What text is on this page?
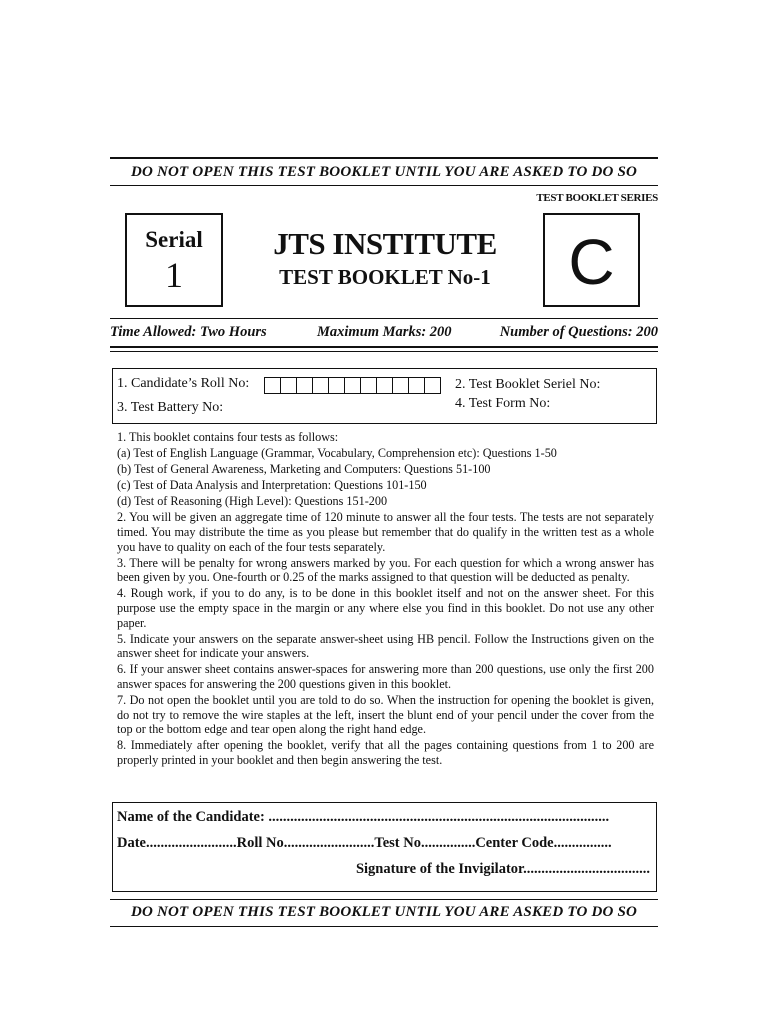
DO NOT OPEN THIS TEST BOOKLET UNTIL YOU ARE ASKED TO DO SO
TEST BOOKLET SERIES
Serial
1
JTS INSTITUTE
TEST BOOKLET No-1	C
Time Allowed: Two Hours	Maximum Marks: 200	Number of Questions: 200
1. Candidate’s Roll No:	2. Test Booklet Seriel No:
3. Test Battery No:	4. Test Form No:

1. This booklet contains four tests as follows:

(a) Test of English Language (Grammar, Vocabulary, Comprehension etc): Questions 1-50

(b) Test of General Awareness, Marketing and Computers: Questions 51-100

(c) Test of Data Analysis and Interpretation: Questions 101-150

(d) Test of Reasoning (High Level): Questions 151-200

2. You will be given an aggregate time of 120 minute to answer all the four tests. The tests are not separately timed. You may distribute the time as you please but remember that do qualify in the written test as a whole you have to quality on each of the four tests separately.

3. There will be penalty for wrong answers marked by you. For each question for which a wrong answer has been given by you. One-fourth or 0.25 of the marks assigned to that question will be deducted as penalty.

4. Rough work, if you to do any, is to be done in this booklet itself and not on the answer sheet. For this purpose use the empty space in the margin or any where else you find in this booklet. Do not use any other paper.

5. Indicate your answers on the separate answer-sheet using HB pencil. Follow the Instructions given on the answer sheet for indicate your answers.

6. If your answer sheet contains answer-spaces for answering more than 200 questions, use only the first 200 answer spaces for answering the 200 questions given in this booklet.

7. Do not open the booklet until you are told to do so. When the instruction for opening the booklet is given, do not try to remove the wire staples at the left, insert the blunt end of your pencil under the cover from the top or the bottom edge and tear open along the right hand edge.

8. Immediately after opening the booklet, verify that all the pages containing questions from 1 to 200 are properly printed in your booklet and then begin answering the test.

Name of the Candidate: ..............................................................................................
Date.........................Roll No.........................Test No...............Center Code................
Signature of the Invigilator...................................
DO NOT OPEN THIS TEST BOOKLET UNTIL YOU ARE ASKED TO DO SO
